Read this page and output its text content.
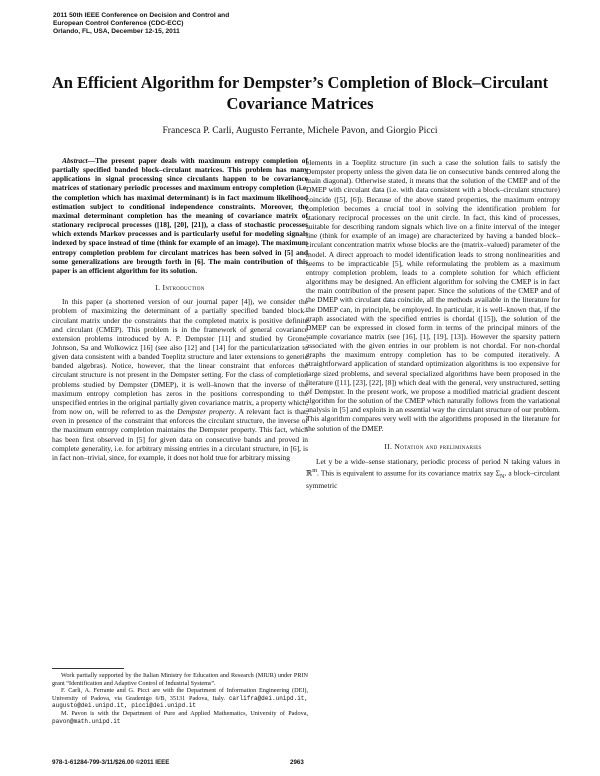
2011 50th IEEE Conference on Decision and Control and
European Control Conference (CDC-ECC)
Orlando, FL, USA, December 12-15, 2011
An Efficient Algorithm for Dempster’s Completion of Block–Circulant
Covariance Matrices
Francesca P. Carli, Augusto Ferrante, Michele Pavon, and Giorgio Picci

Abstract—The present paper deals with maximum entropy completion of partially specified banded block–circulant matrices. This problem has many applications in signal processing since circulants happen to be covariance matrices of stationary periodic processes and maximum entropy completion (i.e. the completion which has maximal determinant) is in fact maximum likelihood estimation subject to conditional independence constraints. Moreover, the maximal determinant completion has the meaning of covariance matrix of stationary reciprocal processes ([18], [20], [21]), a class of stochastic processes which extends Markov processes and is particularly useful for modeling signals indexed by space instead of time (think for example of an image). The maximum entropy completion problem for circulant matrices has been solved in [5] and some generalizations are brougth forth in [6]. The main contribution of this paper is an efficient algorithm for its solution.

I. Introduction

In this paper (a shortened version of our journal paper [4]), we consider the problem of maximizing the determinant of a partially specified banded block–circulant matrix under the constraints that the completed matrix is positive definite and circulant (CMEP). This problem is in the framework of general covariance extension problems introduced by A. P. Dempster [11] and studied by Grone, Johnson, Sa and Wolkowicz [16] (see also [12] and [14] for the particularization to given data consistent with a banded Toeplitz structure and later extensions to generic banded algebras). Notice, however, that the linear constraint that enforces the circulant structure is not present in the Dempster setting. For the class of completion problems studied by Dempster (DMEP), it is well–known that the inverse of the maximum entropy completion has zeros in the positions corresponding to the unspecified entries in the original partially given covariance matrix, a property which, from now on, will be referred to as the Dempster property. A relevant fact is that, even in presence of the constraint that enforces the circulant structure, the inverse of the maximum entropy completion maintains the Dempster property. This fact, which has been first observed in [5] for given data on consecutive bands and proved in complete generality, i.e. for arbitrary missing entries in a circulant structure, in [6], is in fact non–trivial, since, for example, it does not hold true for arbitrary missing

Work partially supported by the Italian Ministry for Education and Research (MIUR) under PRIN grant “Identification and Adaptive Control of Industrial Systems”.

F. Carli, A. Ferrante and G. Picci are with the Department of Information Engineering (DEI), University of Padova, via Gradenigo 6/B, 35131 Padova, Italy. carlifra@dei.unipd.it, augusto@dei.unipd.it, picci@dei.unipd.it

M. Pavon is with the Department of Pure and Applied Mathematics, University of Padova, pavon@math.unipd.it

elements in a Toeplitz structure (in such a case the solution fails to satisfy the Dempster property unless the given data lie on consecutive bands centered along the main diagonal). Otherwise stated, it means that the solution of the CMEP and of the DMEP with circulant data (i.e. with data consistent with a block–circulant structure) coincide ([5], [6]). Because of the above stated properties, the maximum entropy completion becomes a crucial tool in solving the identification problem for stationary reciprocal processes on the unit circle. In fact, this kind of processes, suitable for describing random signals which live on a finite interval of the integer line (think for example of an image) are characterized by having a banded block–circulant concentration matrix whose blocks are the (matrix–valued) parameter of the model. A direct approach to model identification leads to strong nonlinearities and seems to be impracticable [5], while reformulating the problem as a maximum entropy completion problem, leads to a complete solution for which efficient algorithms may be designed. An efficient algorithm for solving the CMEP is in fact the main contribution of the present paper. Since the solutions of the CMEP and of the DMEP with circulant data coincide, all the methods available in the literature for the DMEP can, in principle, be employed. In particular, it is well–known that, if the graph associated with the specified entries is chordal ([15]), the solution of the DMEP can be expressed in closed form in terms of the principal minors of the sample covariance matrix (see [16], [1], [19], [13]). However the sparsity pattern associated with the given entries in our problem is not chordal. For non-chordal graphs the maximum entropy completion has to be computed iteratively. A straightforward application of standard optimization algorithms is too expensive for large sized problems, and several specialized algorithms have been proposed in the literature ([11], [23], [22], [8]) which deal with the general, very unstructured, setting of Dempster. In the present work, we propose a modified matricial gradient descent algorithm for the solution of the CMEP which naturally follows from the variational analysis in [5] and exploits in an essential way the circulant structure of our problem. This algorithm compares very well with the algorithms proposed in the literature for the solution of the DMEP.

II. Notation and preliminaries

Let y be a wide–sense stationary, periodic process of period N taking values in ℝ$^m$. This is equivalent to assume for its covariance matrix say $\Sigma_N$, a block–circulant symmetric

978-1-61284-799-3/11/$26.00 ©2011 IEEE	2963
